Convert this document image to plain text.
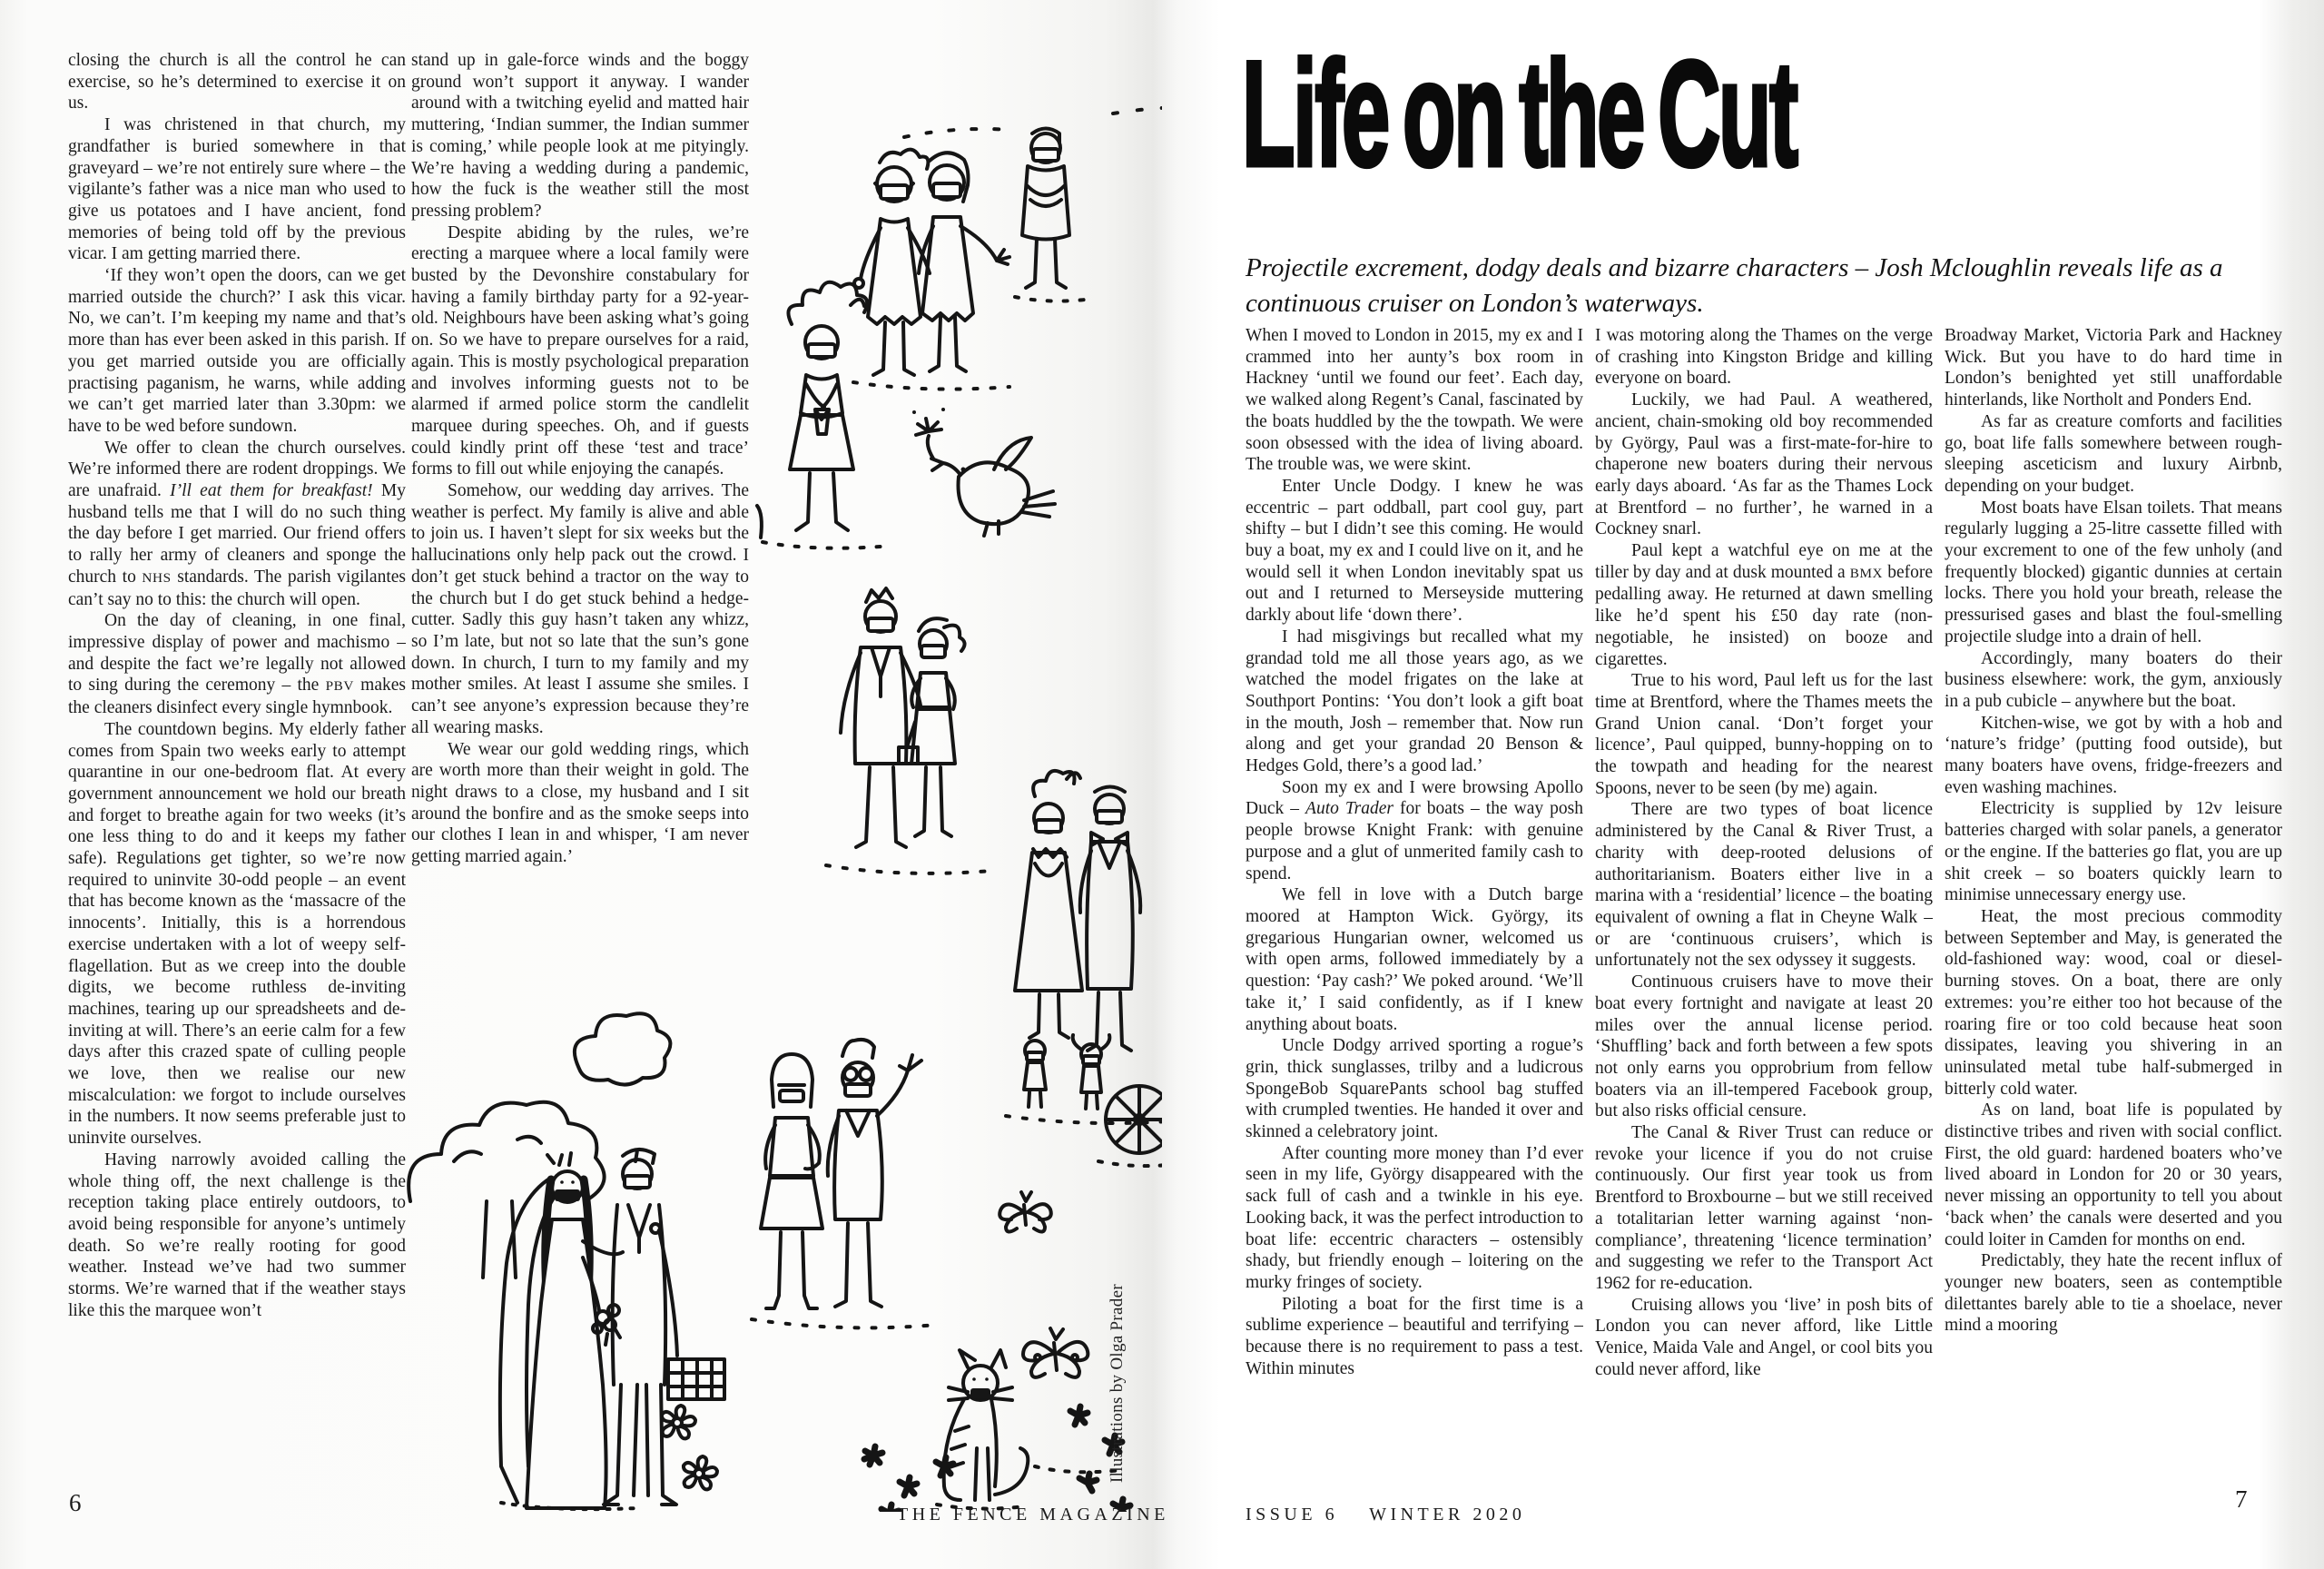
closing the church is all the control he can exercise, so he’s determined to exercise it on us.

I was christened in that church, my grandfather is buried somewhere in that graveyard – we’re not entirely sure where – the vigilante’s father was a nice man who used to give us potatoes and I have ancient, fond memories of being told off by the previous vicar. I am getting married there.

‘If they won’t open the doors, can we get married outside the church?’ I ask this vicar. No, we can’t. I’m keeping my name and that’s more than has ever been asked in this parish. If you get married outside you are officially practising paganism, he warns, while adding we can’t get married later than 3.30pm: we have to be wed before sundown.

We offer to clean the church ourselves. We’re informed there are rodent droppings. We are unafraid. I’ll eat them for breakfast! My husband tells me that I will do no such thing the day before I get married. Our friend offers to rally her army of cleaners and sponge the church to NHS standards. The parish vigilantes can’t say no to this: the church will open.

On the day of cleaning, in one final, impressive display of power and machismo – and despite the fact we’re legally not allowed to sing during the ceremony – the PBV makes the cleaners disinfect every single hymnbook.

The countdown begins. My elderly father comes from Spain two weeks early to attempt quarantine in our one-bedroom flat. At every government announcement we hold our breath and forget to breathe again for two weeks (it’s one less thing to do and it keeps my father safe). Regulations get tighter, so we’re now required to uninvite 30-odd people – an event that has become known as the ‘massacre of the innocents’. Initially, this is a horrendous exercise undertaken with a lot of weepy self-flagellation. But as we creep into the double digits, we become ruthless de-inviting machines, tearing up our spreadsheets and de-inviting at will. There’s an eerie calm for a few days after this crazed spate of culling people we love, then we realise our new miscalculation: we forgot to include ourselves in the numbers. It now seems preferable just to uninvite ourselves.

Having narrowly avoided calling the whole thing off, the next challenge is the reception taking place entirely outdoors, to avoid being responsible for anyone’s untimely death. So we’re really rooting for good weather. Instead we’ve had two summer storms. We’re warned that if the weather stays like this the marquee won’t

stand up in gale-force winds and the boggy ground won’t support it anyway. I wander around with a twitching eyelid and matted hair muttering, ‘Indian summer, the Indian summer is coming,’ while people look at me pityingly. We’re having a wedding during a pandemic, how the fuck is the weather still the most pressing problem?

Despite abiding by the rules, we’re erecting a marquee where a local family were busted by the Devonshire constabulary for having a family birthday party for a 92-year-old. Neighbours have been asking what’s going on. So we have to prepare ourselves for a raid, again. This is mostly psychological preparation and involves informing guests not to be alarmed if armed police storm the candlelit marquee during speeches. Oh, and if guests could kindly print off these ‘test and trace’ forms to fill out while enjoying the canapés.

Somehow, our wedding day arrives. The weather is perfect. My family is alive and able to join us. I haven’t slept for six weeks but the hallucinations only help pack out the crowd. I don’t get stuck behind a tractor on the way to the church but I do get stuck behind a hedge-cutter. Sadly this guy hasn’t taken any whizz, so I’m late, but not so late that the sun’s gone down. In church, I turn to my family and my mother smiles. At least I assume she smiles. I can’t see anyone’s expression because they’re all wearing masks.

We wear our gold wedding rings, which are worth more than their weight in gold. The night draws to a close, my husband and I sit around the bonfire and as the smoke seeps into our clothes I lean in and whisper, ‘I am never getting married again.’

Illustrations by Olga Prader
6	THE FENCE MAGAZINE
Life on the Cut
Projectile excrement, dodgy deals and bizarre characters – Josh Mcloughlin reveals life as a continuous cruiser on London’s waterways.

When I moved to London in 2015, my ex and I crammed into her aunty’s box room in Hackney ‘until we found our feet’. Each day, we walked along Regent’s Canal, fascinated by the boats huddled by the the towpath. We were soon obsessed with the idea of living aboard. The trouble was, we were skint.

Enter Uncle Dodgy. I knew he was eccentric – part oddball, part cool guy, part shifty – but I didn’t see this coming. He would buy a boat, my ex and I could live on it, and he would sell it when London inevitably spat us out and I returned to Merseyside muttering darkly about life ‘down there’.

I had misgivings but recalled what my grandad told me all those years ago, as we watched the model frigates on the lake at Southport Pontins: ‘You don’t look a gift boat in the mouth, Josh – remember that. Now run along and get your grandad 20 Benson & Hedges Gold, there’s a good lad.’

Soon my ex and I were browsing Apollo Duck – Auto Trader for boats – the way posh people browse Knight Frank: with genuine purpose and a glut of unmerited family cash to spend.

We fell in love with a Dutch barge moored at Hampton Wick. György, its gregarious Hungarian owner, welcomed us with open arms, followed immediately by a question: ‘Pay cash?’ We poked around. ‘We’ll take it,’ I said confidently, as if I knew anything about boats.

Uncle Dodgy arrived sporting a rogue’s grin, thick sunglasses, trilby and a ludicrous SpongeBob SquarePants school bag stuffed with crumpled twenties. He handed it over and skinned a celebratory joint.

After counting more money than I’d ever seen in my life, György disappeared with the sack full of cash and a twinkle in his eye. Looking back, it was the perfect introduction to boat life: eccentric characters – ostensibly shady, but friendly enough – loitering on the murky fringes of society.

Piloting a boat for the first time is a sublime experience – beautiful and terrifying – because there is no requirement to pass a test. Within minutes

I was motoring along the Thames on the verge of crashing into Kingston Bridge and killing everyone on board.

Luckily, we had Paul. A weathered, ancient, chain-smoking old boy recommended by György, Paul was a first-mate-for-hire to chaperone new boaters during their nervous early days aboard. ‘As far as the Thames Lock at Brentford – no further’, he warned in a Cockney snarl.

Paul kept a watchful eye on me at the tiller by day and at dusk mounted a BMX before pedalling away. He returned at dawn smelling like he’d spent his £50 day rate (non-negotiable, he insisted) on booze and cigarettes.

True to his word, Paul left us for the last time at Brentford, where the Thames meets the Grand Union canal. ‘Don’t forget your licence’, Paul quipped, bunny-hopping on to the towpath and heading for the nearest Spoons, never to be seen (by me) again.

There are two types of boat licence administered by the Canal & River Trust, a charity with deep-rooted delusions of authoritarianism. Boaters either live in a marina with a ‘residential’ licence – the boating equivalent of owning a flat in Cheyne Walk – or are ‘continuous cruisers’, which is unfortunately not the sex odyssey it suggests.

Continuous cruisers have to move their boat every fortnight and navigate at least 20 miles over the annual license period. ‘Shuffling’ back and forth between a few spots not only earns you opprobrium from fellow boaters via an ill-tempered Facebook group, but also risks official censure.

The Canal & River Trust can reduce or revoke your licence if you do not cruise continuously. Our first year took us from Brentford to Broxbourne – but we still received a totalitarian letter warning against ‘non-compliance’, threatening ‘licence termination’ and suggesting we refer to the Transport Act 1962 for re-education.

Cruising allows you ‘live’ in posh bits of London you can never afford, like Little Venice, Maida Vale and Angel, or cool bits you could never afford, like

Broadway Market, Victoria Park and Hackney Wick. But you have to do hard time in London’s benighted yet still unaffordable hinterlands, like Northolt and Ponders End.

As far as creature comforts and facilities go, boat life falls somewhere between rough-sleeping asceticism and luxury Airbnb, depending on your budget.

Most boats have Elsan toilets. That means regularly lugging a 25-litre cassette filled with your excrement to one of the few unholy (and frequently blocked) gigantic dunnies at certain locks. There you hold your breath, release the pressurised gases and blast the foul-smelling projectile sludge into a drain of hell.

Accordingly, many boaters do their business elsewhere: work, the gym, anxiously in a pub cubicle – anywhere but the boat.

Kitchen-wise, we got by with a hob and ‘nature’s fridge’ (putting food outside), but many boaters have ovens, fridge-freezers and even washing machines.

Electricity is supplied by 12v leisure batteries charged with solar panels, a generator or the engine. If the batteries go flat, you are up shit creek – so boaters quickly learn to minimise unnecessary energy use.

Heat, the most precious commodity between September and May, is generated the old-fashioned way: wood, coal or diesel-burning stoves. On a boat, there are only extremes: you’re either too hot because of the roaring fire or too cold because heat soon dissipates, leaving you shivering in an uninsulated metal tube half-submerged in bitterly cold water.

As on land, boat life is populated by distinctive tribes and riven with social conflict. First, the old guard: hardened boaters who’ve lived aboard in London for 20 or 30 years, never missing an opportunity to tell you about ‘back when’ the canals were deserted and you could loiter in Camden for months on end.

Predictably, they hate the recent influx of younger new boaters, seen as contemptible dilettantes barely able to tie a shoelace, never mind a mooring

ISSUE 6 WINTER 2020
7
